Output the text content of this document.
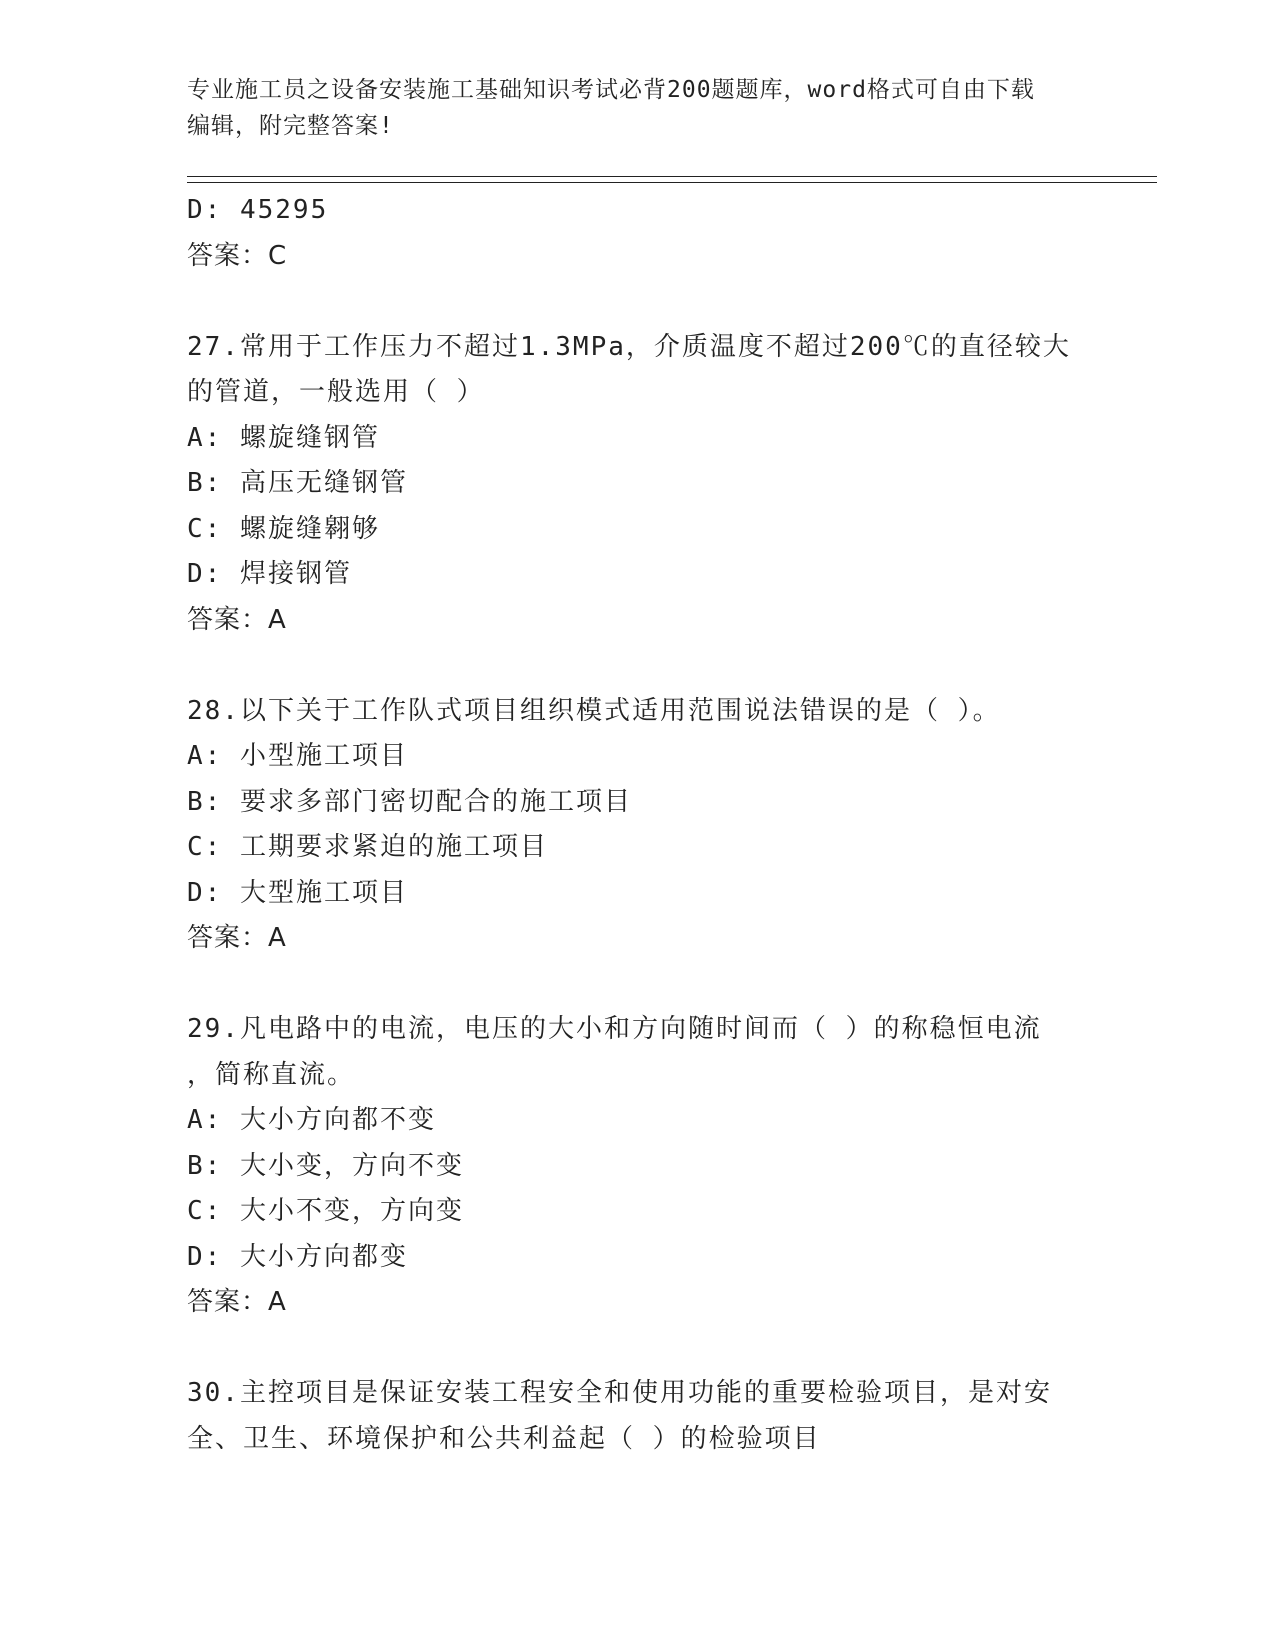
专业施工员之设备安装施工基础知识考试必背200题题库，word格式可自由下载
编辑，附完整答案!
D: 45295
答案：C
27.常用于工作压力不超过1.3MPa，介质温度不超过200℃的直径较大
的管道，一般选用（ ）
A: 螺旋缝钢管
B: 高压无缝钢管
C: 螺旋缝翱够
D: 焊接钢管
答案：A
28.以下关于工作队式项目组织模式适用范围说法错误的是（ ）。
A: 小型施工项目
B: 要求多部门密切配合的施工项目
C: 工期要求紧迫的施工项目
D: 大型施工项目
答案：A
29.凡电路中的电流，电压的大小和方向随时间而（ ）的称稳恒电流
，简称直流。
A: 大小方向都不变
B: 大小变，方向不变
C: 大小不变，方向变
D: 大小方向都变
答案：A
30.主控项目是保证安装工程安全和使用功能的重要检验项目，是对安
全、卫生、环境保护和公共利益起（ ）的检验项目
